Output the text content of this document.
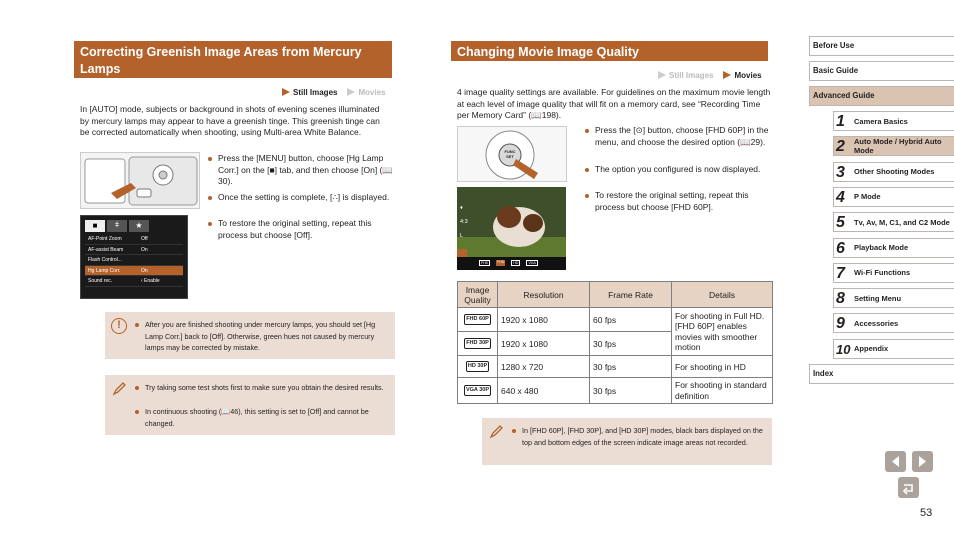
Correcting Greenish Image Areas from Mercury Lamps
Still Images	Movies
In [AUTO] mode, subjects or background in shots of evening scenes illuminated by mercury lamps may appear to have a greenish tinge. This greenish tinge can be corrected automatically when shooting, using Multi-area White Balance.
■	ǂ	★
AF-Point Zoom	Off
AF-assist Beam	On
Flash Control...
Hg Lamp Corr.	On
Sound rec.	‹ Enable
Press the [MENU] button, choose [Hg Lamp Corr.] on the [■] tab, and then choose [On] (📖30).
Once the setting is complete, [∴] is displayed.
To restore the original setting, repeat this process but choose [Off].
!	After you are finished shooting under mercury lamps, you should set [Hg Lamp Corr.] back to [Off]. Otherwise, green hues not caused by mercury lamps may be corrected by mistake.
Try taking some test shots first to make sure you obtain the desired results.
In continuous shooting (📖46), this setting is set to [Off] and cannot be changed.
Changing Movie Image Quality
Still Images	Movies
4 image quality settings are available. For guidelines on the maximum movie length at each level of image quality that will fit on a memory card, see “Recording Time per Memory Card” (📖198).
FUNC SET
♦
4:3
L
FHD	FHD	HD	VGA
Press the [⊙] button, choose [FHD 60P] in the menu, and choose the desired option (📖29).
The option you configured is now displayed.
To restore the original setting, repeat this process but choose [FHD 60P].
Image Quality	Resolution	Frame Rate	Details
FHD 60P	1920 x 1080	60 fps	For shooting in Full HD. [FHD 60P] enables movies with smoother motion
FHD 30P	1920 x 1080	30 fps	
HD 30P	1280 x 720	30 fps	For shooting in HD
VGA 30P	640 x 480	30 fps	For shooting in standard definition
In [FHD 60P], [FHD 30P], and [HD 30P] modes, black bars displayed on the top and bottom edges of the screen indicate image areas not recorded.
Before Use
Basic Guide
Advanced Guide
1 Camera Basics
2 Auto Mode / Hybrid Auto Mode
3 Other Shooting Modes
4 P Mode
5 Tv, Av, M, C1, and C2 Mode
6 Playback Mode
7 Wi-Fi Functions
8 Setting Menu
9 Accessories
10 Appendix
Index
53
